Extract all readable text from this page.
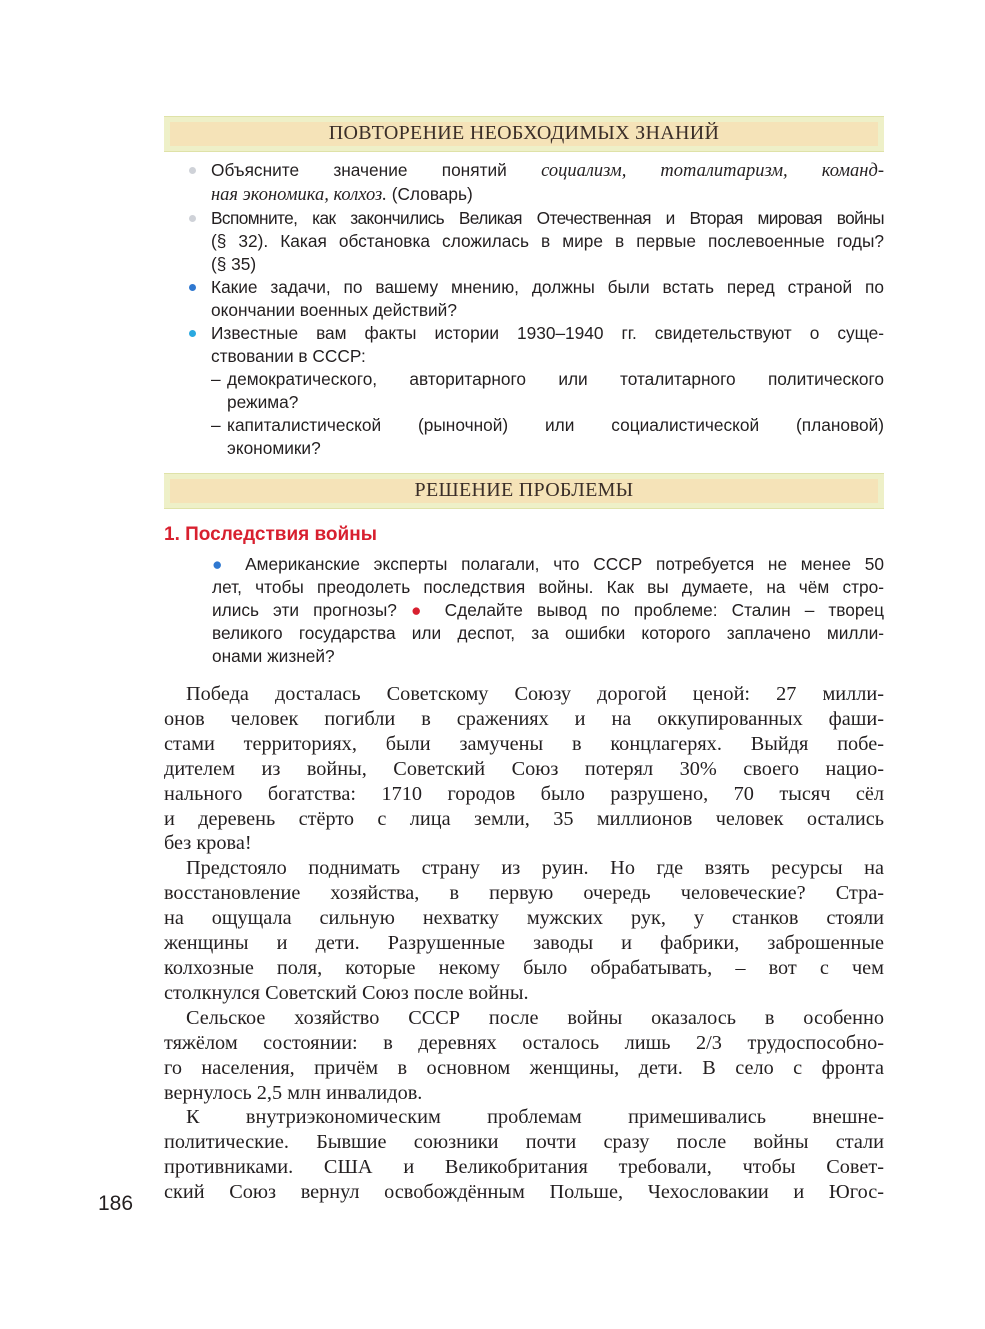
ПОВТОРЕНИЕ НЕОБХОДИМЫХ ЗНАНИЙ
Объясните значение понятий социализм, тоталитаризм, команд-
ная экономика, колхоз. (Словарь)
Вспомните, как закончились Великая Отечественная и Вторая мировая войны
(§ 32). Какая обстановка сложилась в мире в первые послевоенные годы?
(§ 35)
Какие задачи, по вашему мнению, должны были встать перед страной по
окончании военных действий?
Известные вам факты истории 1930–1940 гг. свидетельствуют о суще-
ствовании в СССР:
– демократического, авторитарного или тоталитарного политического
режима?
– капиталистической (рыночной) или социалистической (плановой)
экономики?
РЕШЕНИЕ ПРОБЛЕМЫ
1. Последствия войны
● Американские эксперты полагали, что СССР потребуется не менее 50
лет, чтобы преодолеть последствия войны. Как вы думаете, на чём стро-
ились эти прогнозы? ● Сделайте вывод по проблеме: Сталин – творец
великого государства или деспот, за ошибки которого заплачено милли-
онами жизней?

Победа досталась Советскому Союзу дорогой ценой: 27 милли-
онов человек погибли в сражениях и на оккупированных фаши-
стами территориях, были замучены в концлагерях. Выйдя побе-
дителем из войны, Советский Союз потерял 30% своего нацио-
нального богатства: 1710 городов было разрушено, 70 тысяч сёл
и деревень стёрто с лица земли, 35 миллионов человек остались
без крова!

Предстояло поднимать страну из руин. Но где взять ресурсы на
восстановление хозяйства, в первую очередь человеческие? Стра-
на ощущала сильную нехватку мужских рук, у станков стояли
женщины и дети. Разрушенные заводы и фабрики, заброшенные
колхозные поля, которые некому было обрабатывать, – вот с чем
столкнулся Советский Союз после войны.

Сельское хозяйство СССР после войны оказалось в особенно
тяжёлом состоянии: в деревнях осталось лишь 2/3 трудоспособно-
го населения, причём в основном женщины, дети. В село с фронта
вернулось 2,5 млн инвалидов.

К внутриэкономическим проблемам примешивались внешне-
политические. Бывшие союзники почти сразу после войны стали
противниками. США и Великобритания требовали, чтобы Совет-
ский Союз вернул освобождённым Польше, Чехословакии и Югос-

186
